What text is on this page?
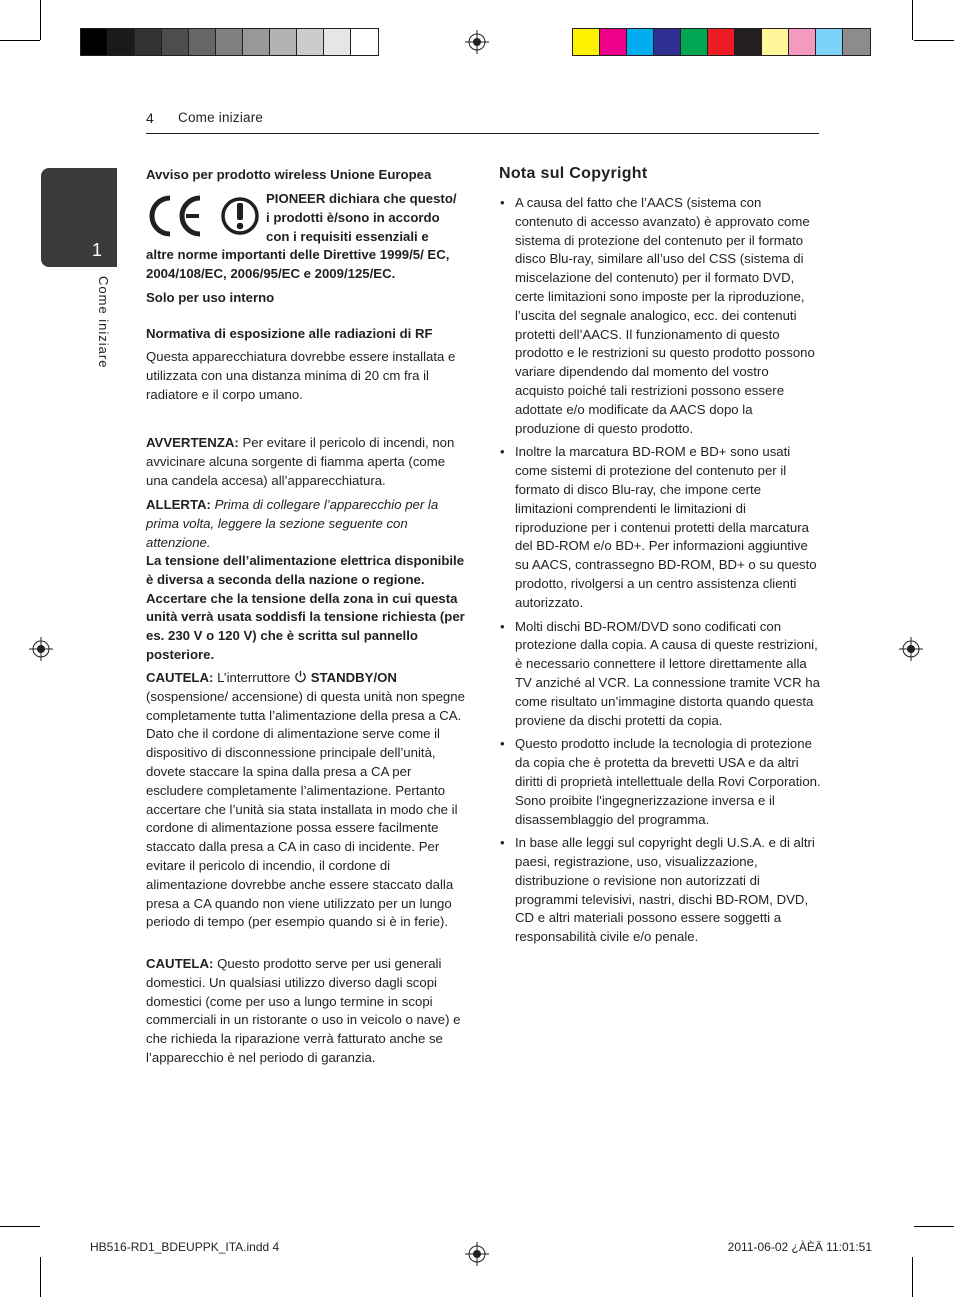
4 Come iniziare
1
Come iniziare
Avviso per prodotto wireless Unione Europea
PIONEER dichiara che questo/
i prodotti è/sono in accordo
con i requisiti essenziali e
altre norme importanti delle Direttive 1999/5/ EC, 2004/108/EC, 2006/95/EC e 2009/125/EC.
Solo per uso interno
Normativa di esposizione alle radiazioni di RF
Questa apparecchiatura dovrebbe essere installata e utilizzata con una distanza minima di 20 cm fra il radiatore e il corpo umano.
AVVERTENZA: Per evitare il pericolo di incendi, non avvicinare alcuna sorgente di fiamma aperta (come una candela accesa) all’apparecchiatura.
ALLERTA: Prima di collegare l’apparecchio per la prima volta, leggere la sezione seguente con attenzione.
La tensione dell’alimentazione elettrica disponibile è diversa a seconda della nazione o regione. Accertare che la tensione della zona in cui questa unità verrà usata soddisfi la tensione richiesta (per es. 230 V o 120 V) che è scritta sul pannello posteriore.
CAUTELA: L’interruttore  STANDBY/ON (sospensione/ accensione) di questa unità non spegne completamente tutta l’alimentazione della presa a CA. Dato che il cordone di alimentazione serve come il dispositivo di disconnessione principale dell’unità, dovete staccare la spina dalla presa a CA per escludere completamente l’alimentazione. Pertanto accertare che l’unità sia stata installata in modo che il cordone di alimentazione possa essere facilmente staccato dalla presa a CA in caso di incidente. Per evitare il pericolo di incendio, il cordone di alimentazione dovrebbe anche essere staccato dalla presa a CA quando non viene utilizzato per un lungo periodo di tempo (per esempio quando si è in ferie).
CAUTELA: Questo prodotto serve per usi generali domestici. Un qualsiasi utilizzo diverso dagli scopi domestici (come per uso a lungo termine in scopi commerciali in un ristorante o uso in veicolo o nave) e che richieda la riparazione verrà fatturato anche se l’apparecchio è nel periodo di garanzia.
Nota sul Copyright
• A causa del fatto che l’AACS (sistema con contenuto di accesso avanzato) è approvato come sistema di protezione del contenuto per il formato disco Blu-ray, similare all’uso del CSS (sistema di miscelazione del contenuto) per il formato DVD, certe limitazioni sono imposte per la riproduzione, l’uscita del segnale analogico, ecc. dei contenuti protetti dell’AACS. Il funzionamento di questo prodotto e le restrizioni su questo prodotto possono variare dipendendo dal momento del vostro acquisto poiché tali restrizioni possono essere adottate e/o modificate da AACS dopo la produzione di questo prodotto.
• Inoltre la marcatura BD-ROM e BD+ sono usati come sistemi di protezione del contenuto per il formato di disco Blu-ray, che impone certe limitazioni comprendenti le limitazioni di riproduzione per i contenui protetti della marcatura del BD-ROM e/o BD+. Per informazioni aggiuntive su AACS, contrassegno BD-ROM, BD+ o su questo prodotto, rivolgersi a un centro assistenza clienti autorizzato.
• Molti dischi BD-ROM/DVD sono codificati con protezione dalla copia. A causa di queste restrizioni, è necessario connettere il lettore direttamente alla TV anziché al VCR. La connessione tramite VCR ha come risultato un’immagine distorta quando questa proviene da dischi protetti da copia.
• Questo prodotto include la tecnologia di protezione da copia che è protetta da brevetti USA e da altri diritti di proprietà intellettuale della Rovi Corporation. Sono proibite l'ingegnerizzazione inversa e il disassemblaggio del programma.
• In base alle leggi sul copyright degli U.S.A. e di altri paesi, registrazione, uso, visualizzazione, distribuzione o revisione non autorizzati di programmi televisivi, nastri, dischi BD-ROM, DVD, CD e altri materiali possono essere soggetti a responsabilità civile e/o penale.
HB516-RD1_BDEUPPK_ITA.indd 4	2011-06-02 ¿ÀÈÄ 11:01:51
